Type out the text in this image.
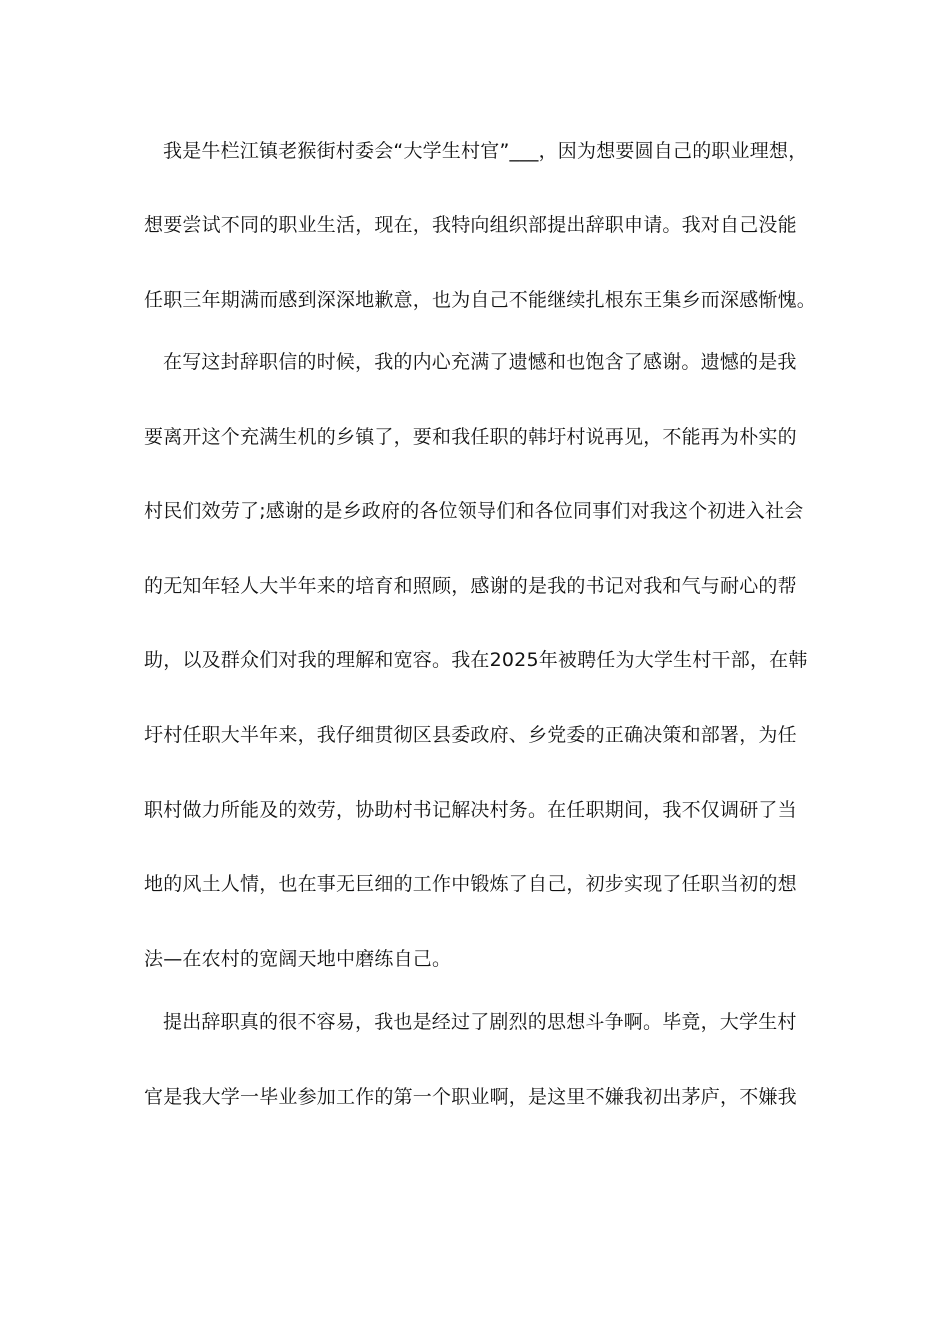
我是牛栏江镇老猴街村委会“大学生村官”___，因为想要圆自己的职业理想，
想要尝试不同的职业生活，现在，我特向组织部提出辞职申请。我对自己没能
任职三年期满而感到深深地歉意，也为自己不能继续扎根东王集乡而深感惭愧。
在写这封辞职信的时候，我的内心充满了遗憾和也饱含了感谢。遗憾的是我
要离开这个充满生机的乡镇了，要和我任职的韩圩村说再见，不能再为朴实的
村民们效劳了;感谢的是乡政府的各位领导们和各位同事们对我这个初进入社会
的无知年轻人大半年来的培育和照顾，感谢的是我的书记对我和气与耐心的帮
助，以及群众们对我的理解和宽容。我在2025年被聘任为大学生村干部，在韩
圩村任职大半年来，我仔细贯彻区县委政府、乡党委的正确决策和部署，为任
职村做力所能及的效劳，协助村书记解决村务。在任职期间，我不仅调研了当
地的风土人情，也在事无巨细的工作中锻炼了自己，初步实现了任职当初的想
法—在农村的宽阔天地中磨练自己。
提出辞职真的很不容易，我也是经过了剧烈的思想斗争啊。毕竟，大学生村
官是我大学一毕业参加工作的第一个职业啊，是这里不嫌我初出茅庐，不嫌我
